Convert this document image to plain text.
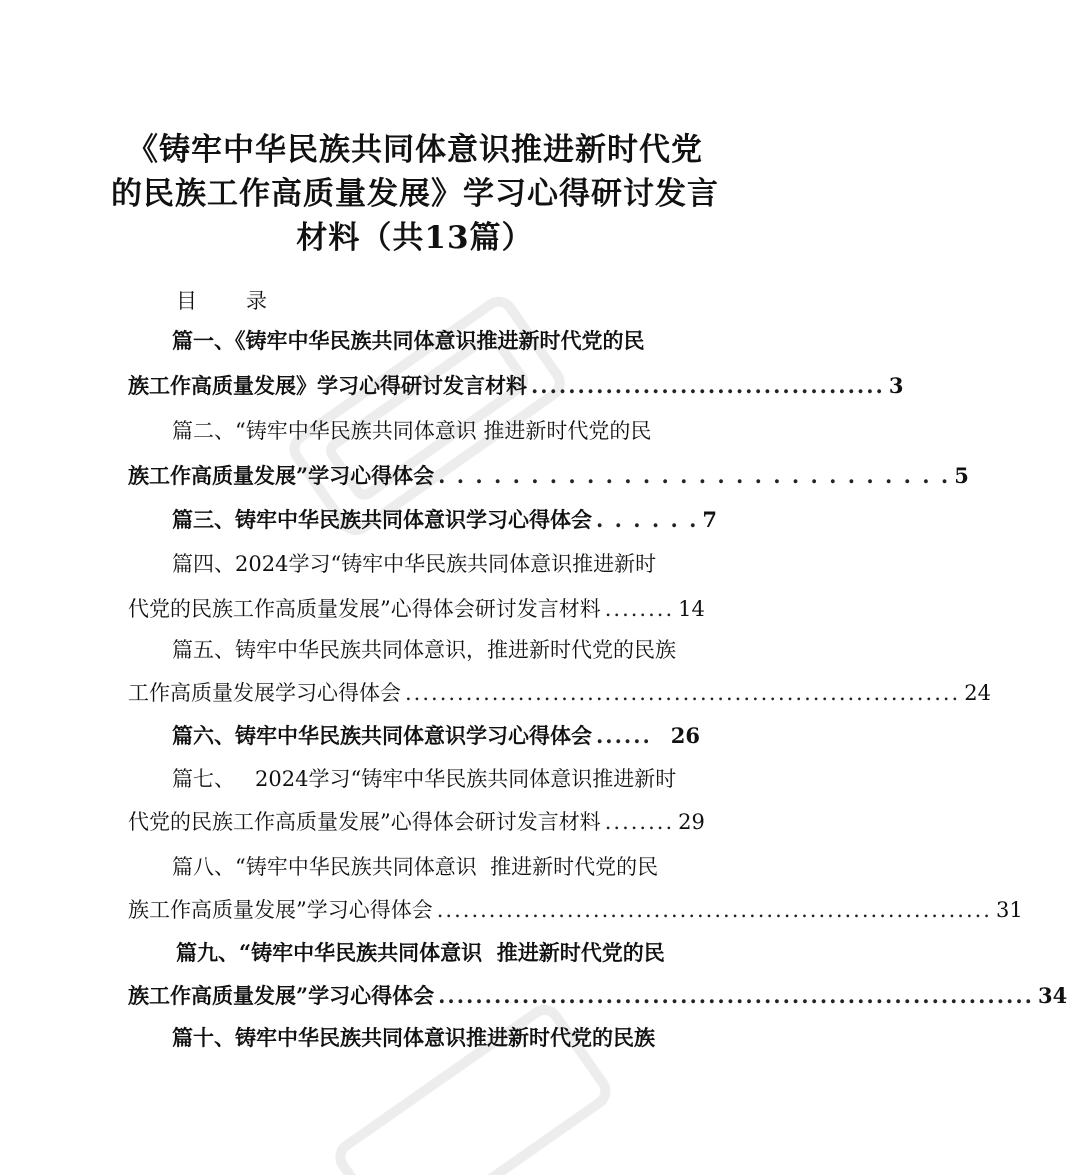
《铸牢中华民族共同体意识推进新时代党
的民族工作高质量发展》学习心得研讨发言
材料（共13篇）
目　录
篇一、《铸牢中华民族共同体意识推进新时代党的民
族工作高质量发展》学习心得研讨发言材料 ...................................... 3
篇二、“铸牢中华民族共同体意识 推进新时代党的民
族工作高质量发展”学习心得体会 . . . . . . . . . . . . . . . . . . . . . . . . . . . . 5
篇三、铸牢中华民族共同体意识学习心得体会 . . . . . . 7
篇四、2024学习“铸牢中华民族共同体意识推进新时
代党的民族工作高质量发展”心得体会研讨发言材料 ........ 14
篇五、铸牢中华民族共同体意识，推进新时代党的民族
工作高质量发展学习心得体会 ................................................................ 24
篇六、铸牢中华民族共同体意识学习心得体会 ...... 26
篇七、   2024学习“铸牢中华民族共同体意识推进新时
代党的民族工作高质量发展”心得体会研讨发言材料 ........ 29
篇八、“铸牢中华民族共同体意识  推进新时代党的民
族工作高质量发展”学习心得体会 ................................................................ 31
篇九、“铸牢中华民族共同体意识  推进新时代党的民
族工作高质量发展”学习心得体会 ................................................................ 34
篇十、铸牢中华民族共同体意识推进新时代党的民族
